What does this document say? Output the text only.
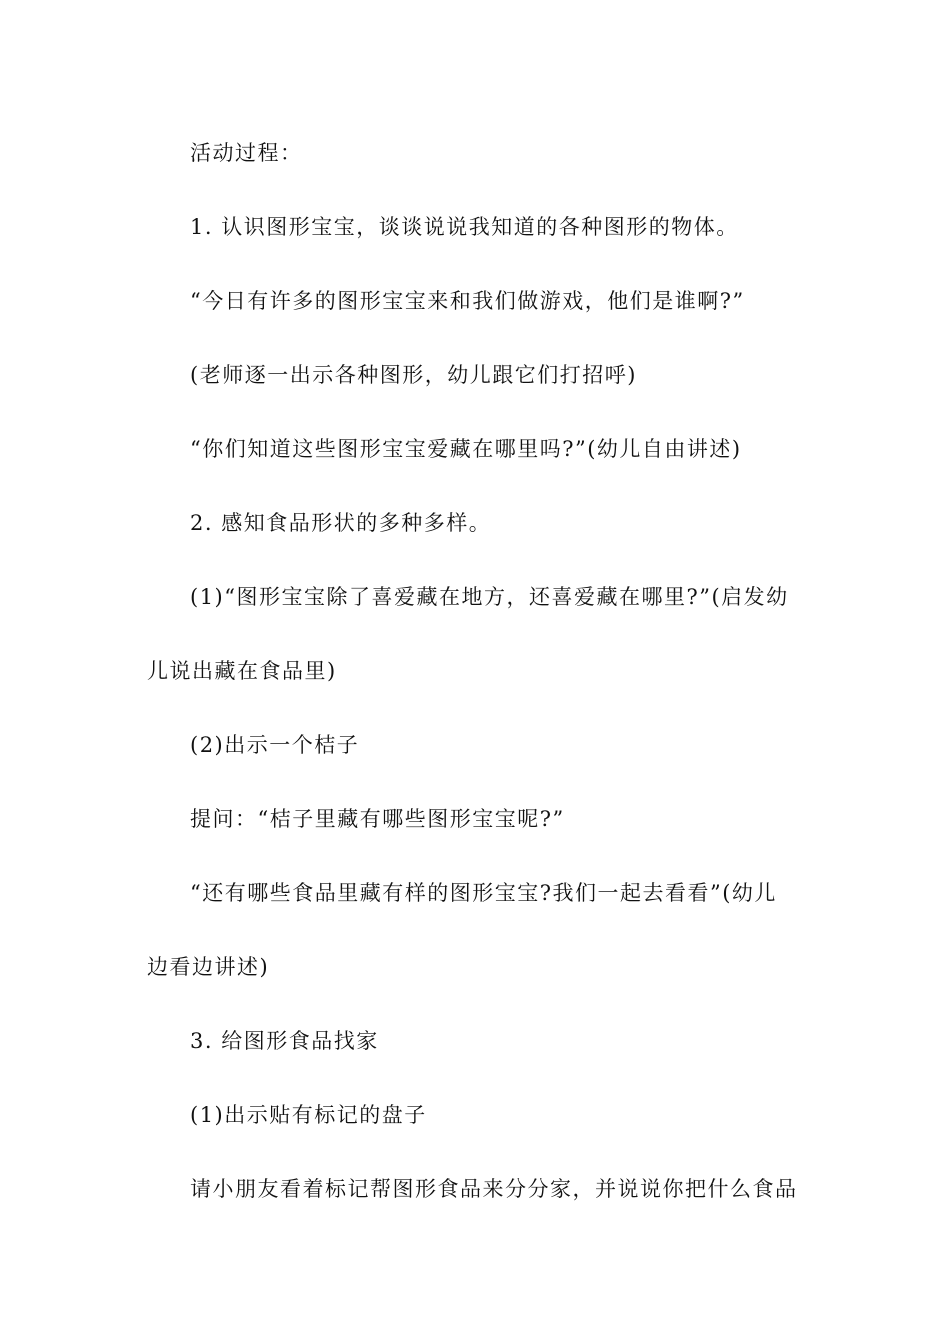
活动过程：
1. 认识图形宝宝，谈谈说说我知道的各种图形的物体。
“今日有许多的图形宝宝来和我们做游戏，他们是谁啊?”
(老师逐一出示各种图形，幼儿跟它们打招呼)
“你们知道这些图形宝宝爱藏在哪里吗?”(幼儿自由讲述)
2. 感知食品形状的多种多样。
(1)“图形宝宝除了喜爱藏在地方，还喜爱藏在哪里?”(启发幼
儿说出藏在食品里)
(2)出示一个桔子
提问：“桔子里藏有哪些图形宝宝呢?”
“还有哪些食品里藏有样的图形宝宝?我们一起去看看”(幼儿
边看边讲述)
3. 给图形食品找家
(1)出示贴有标记的盘子
请小朋友看着标记帮图形食品来分分家，并说说你把什么食品
